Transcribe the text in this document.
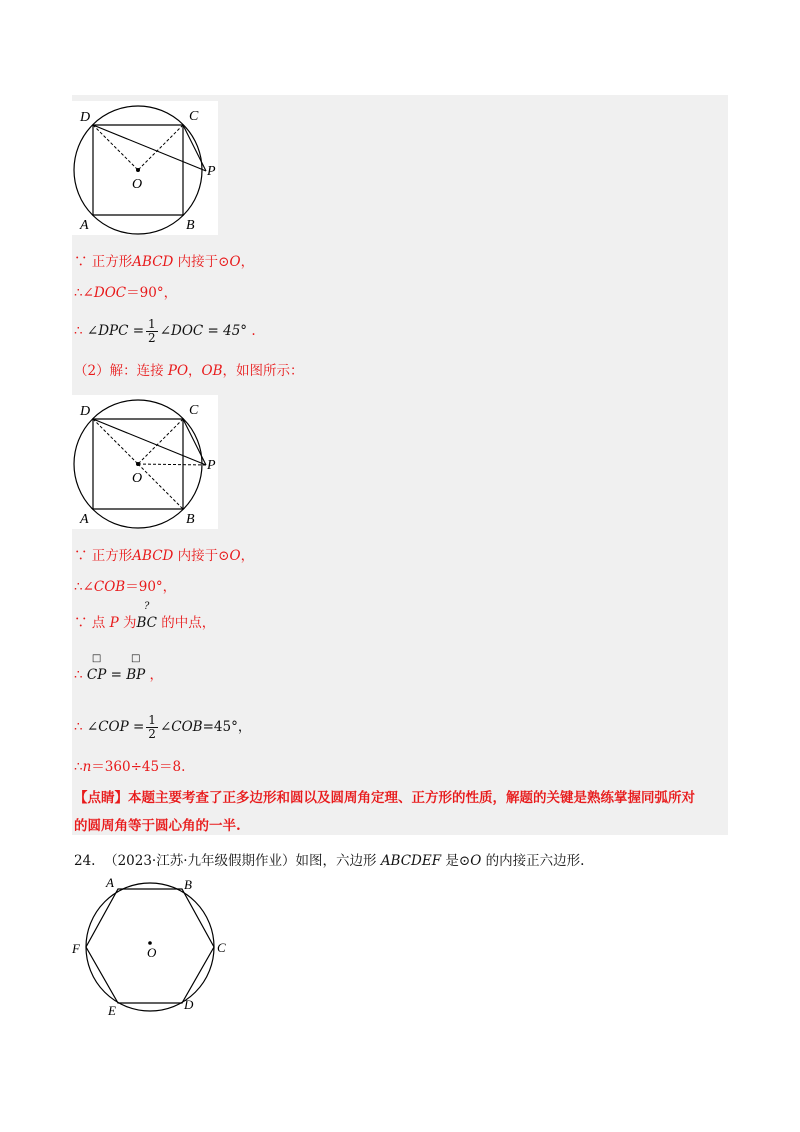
D	C
O
P
A	B
∵ 正方形ABCD 内接于⊙O，
∴∠DOC＝90°，
∴ ∠DPC = $\frac{1}{2}$ ∠DOC = 45° .
（2）解：连接 PO，OB，如图所示：
D	C
O
P
A	B
∵ 正方形ABCD 内接于⊙O，
∴∠COB＝90°，
∵ 点 P 为
?
BC 的中点，
∴
□
CP =
□
BP ，
∴ ∠COP = $\frac{1}{2}$ ∠COB=45°，
∴n＝360÷45＝8.
【点睛】本题主要考查了正多边形和圆以及圆周角定理、正方形的性质，解题的关键是熟练掌握同弧所对
的圆周角等于圆心角的一半.
24. （2023·江苏·九年级假期作业）如图，六边形 ABCDEF 是⊙O 的内接正六边形.
A	B
F	O	C
E	D
